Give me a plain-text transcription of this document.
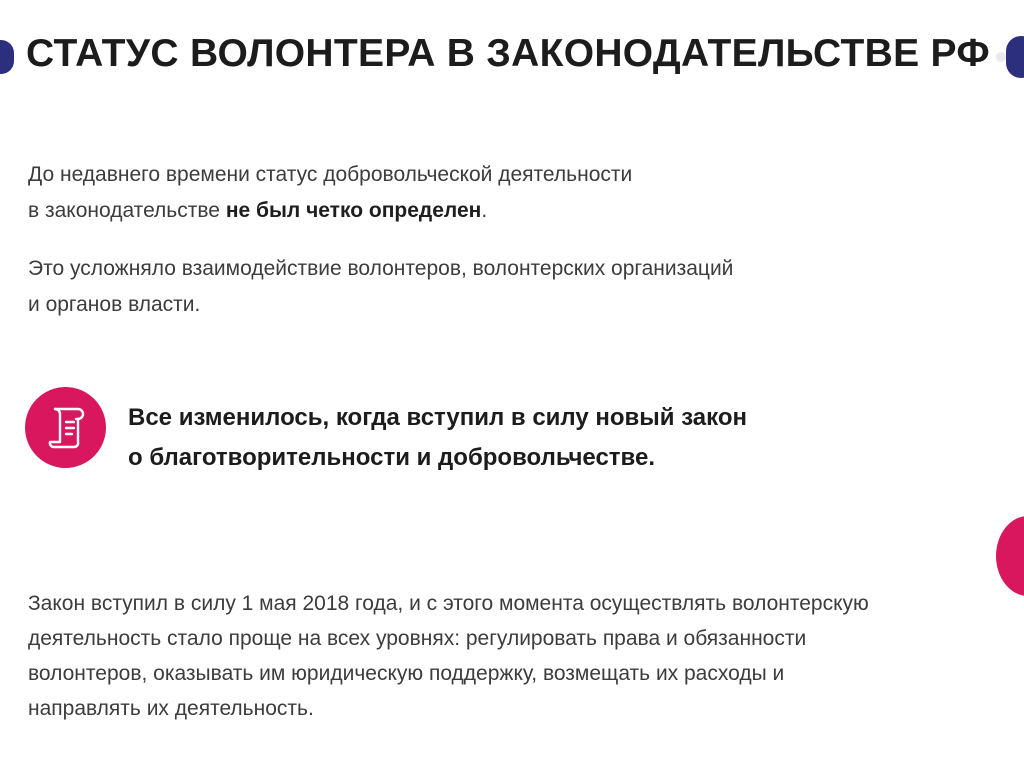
СТАТУС ВОЛОНТЕРА В ЗАКОНОДАТЕЛЬСТВЕ РФ

До недавнего времени статус добровольческой деятельности
в законодательстве не был четко определен.

Это усложняло взаимодействие волонтеров, волонтерских организаций
и органов власти.

Все изменилось, когда вступил в силу новый закон
о благотворительности и добровольчестве.

Закон вступил в силу 1 мая 2018 года, и с этого момента осуществлять волонтерскую
деятельность стало проще на всех уровнях: регулировать права и обязанности
волонтеров, оказывать им юридическую поддержку, возмещать их расходы и
направлять их деятельность.
